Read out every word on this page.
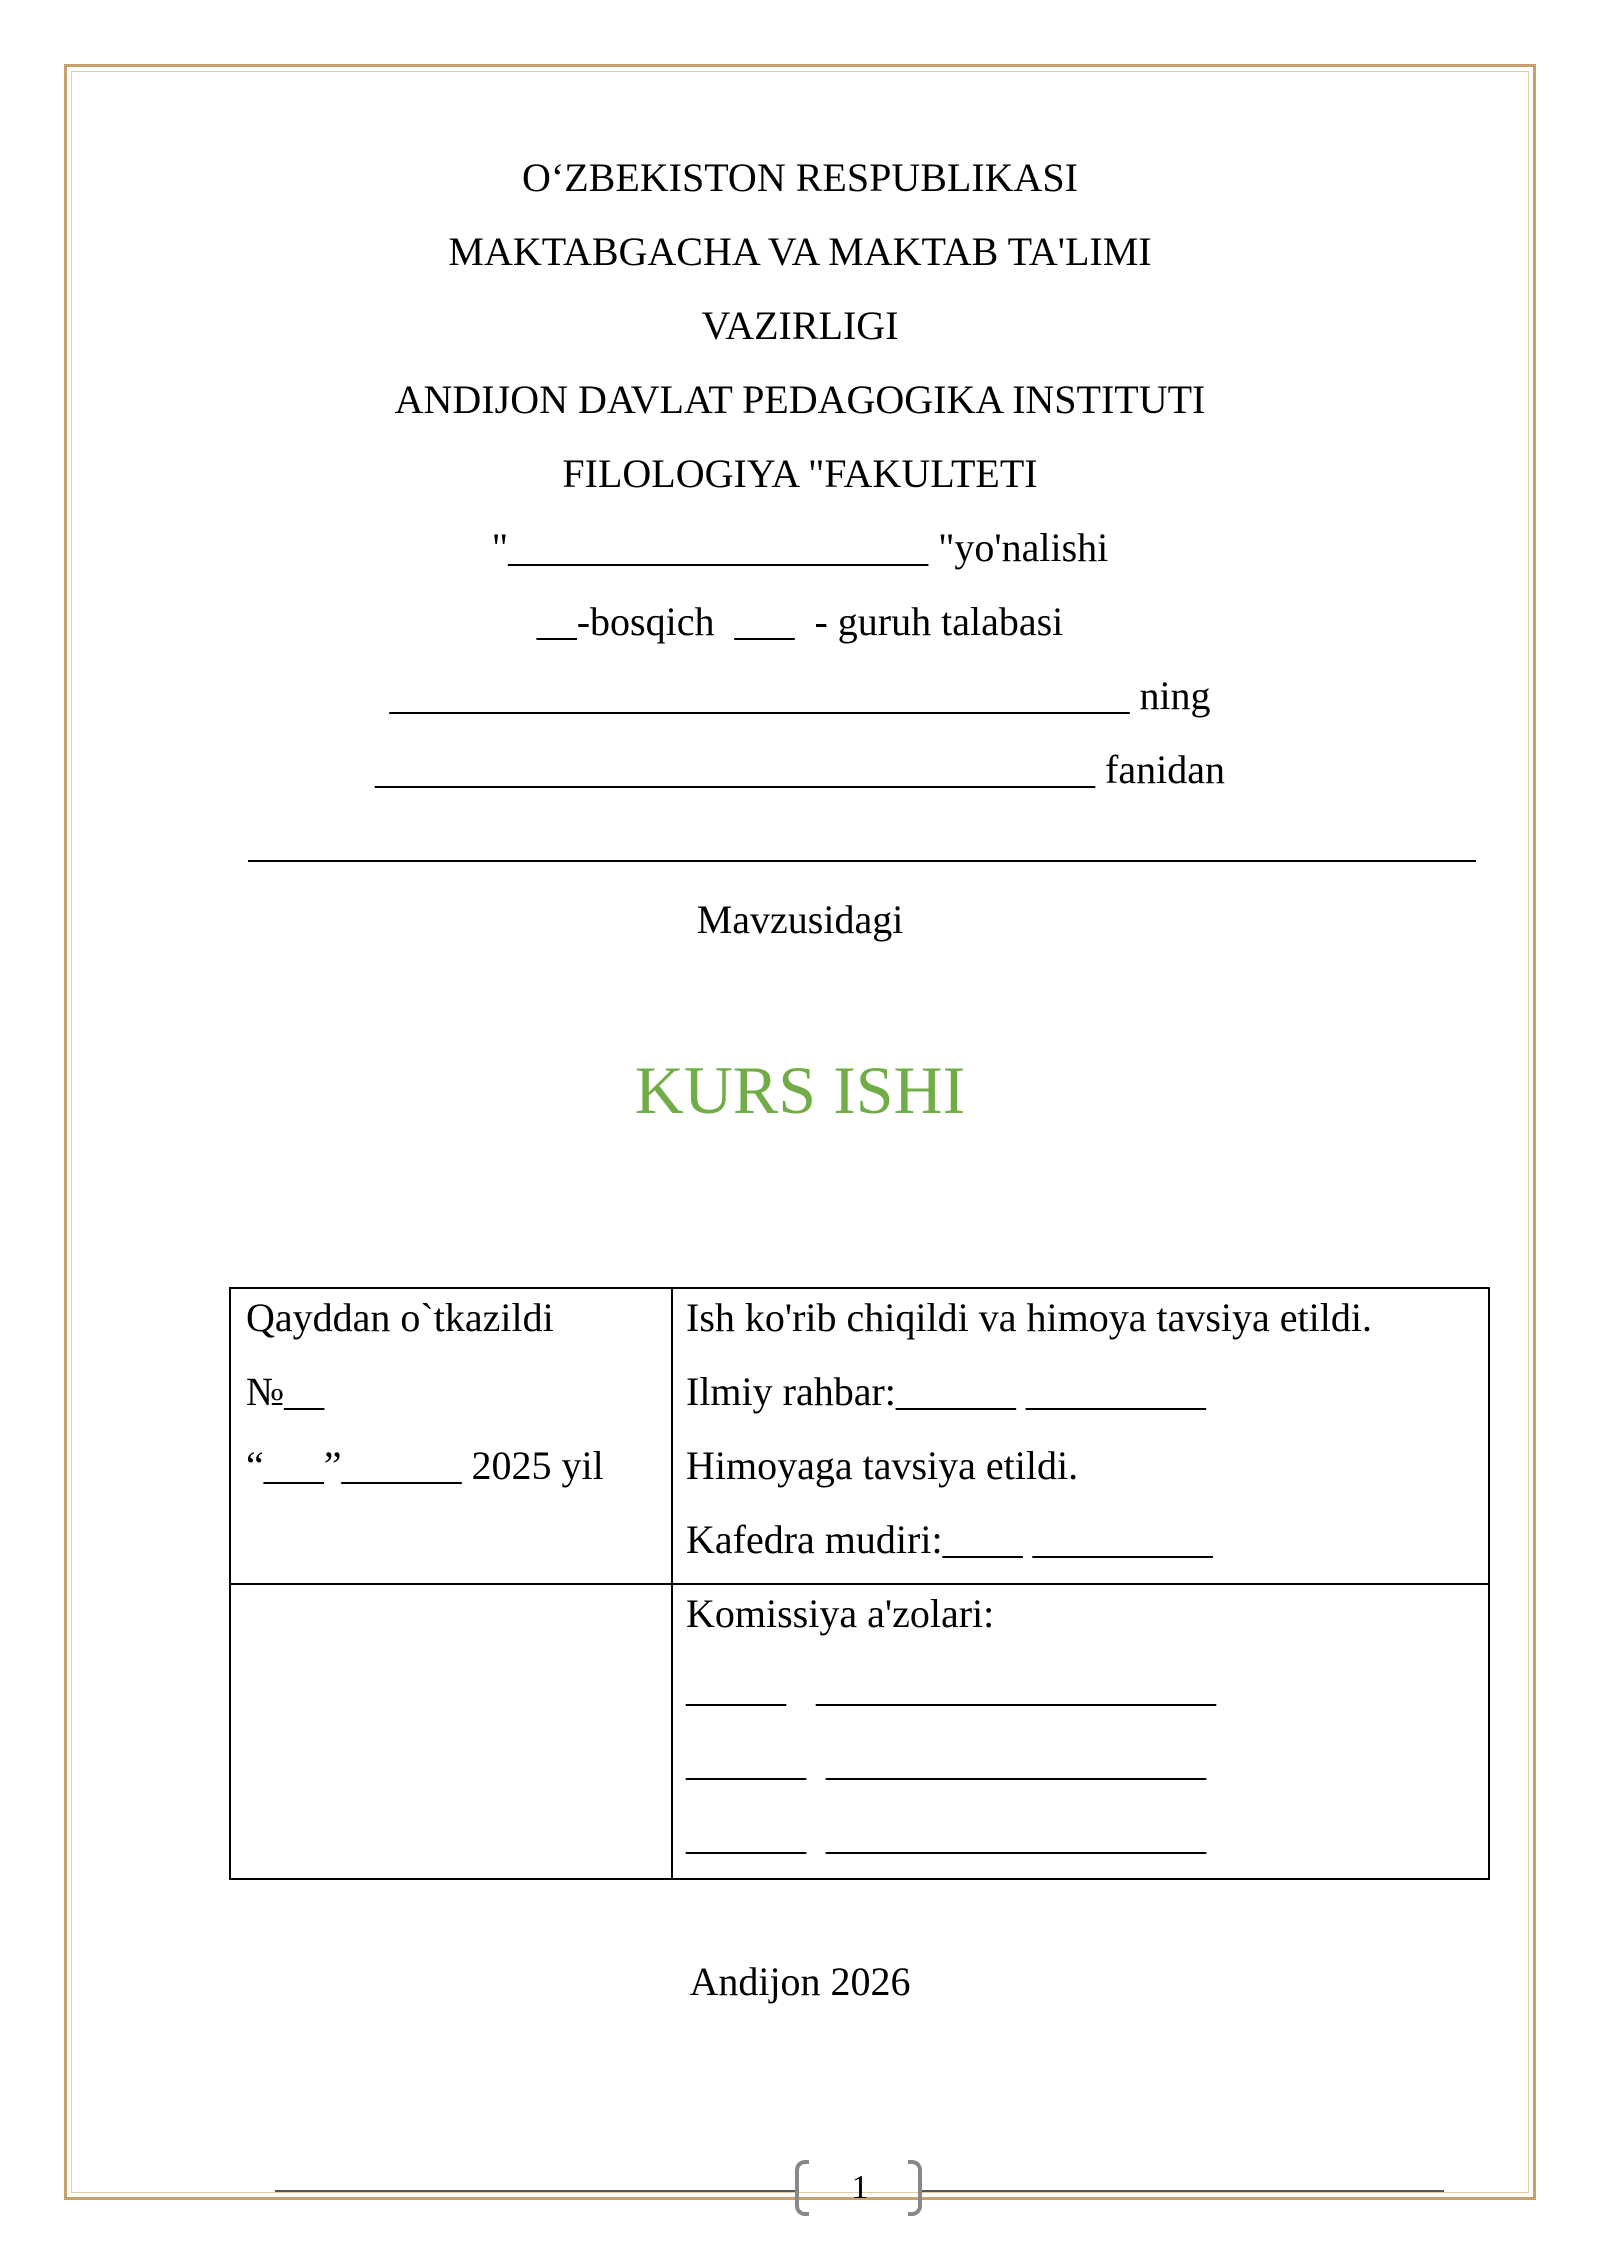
O‘ZBEKISTON RESPUBLIKASI
MAKTABGACHA VA MAKTAB TA'LIMI
VAZIRLIGI
ANDIJON DAVLAT PEDAGOGIKA INSTITUTI
FILOLOGIYA "FAKULTETI
"_____________________ "yo'nalishi
__-bosqich  ___  - guruh talabasi
_____________________________________ ning
____________________________________ fanidan
Mavzusidagi
KURS ISHI
Qayddan o`tkazildi
№__
“___”______ 2025 yil
Ish ko'rib chiqildi va himoya tavsiya etildi.
Ilmiy rahbar:______ _________
Himoyaga tavsiya etildi.
Kafedra mudiri:____ _________
Komissiya a'zolari:
_____   ____________________
______  ___________________
______  ___________________
Andijon 2026
1
